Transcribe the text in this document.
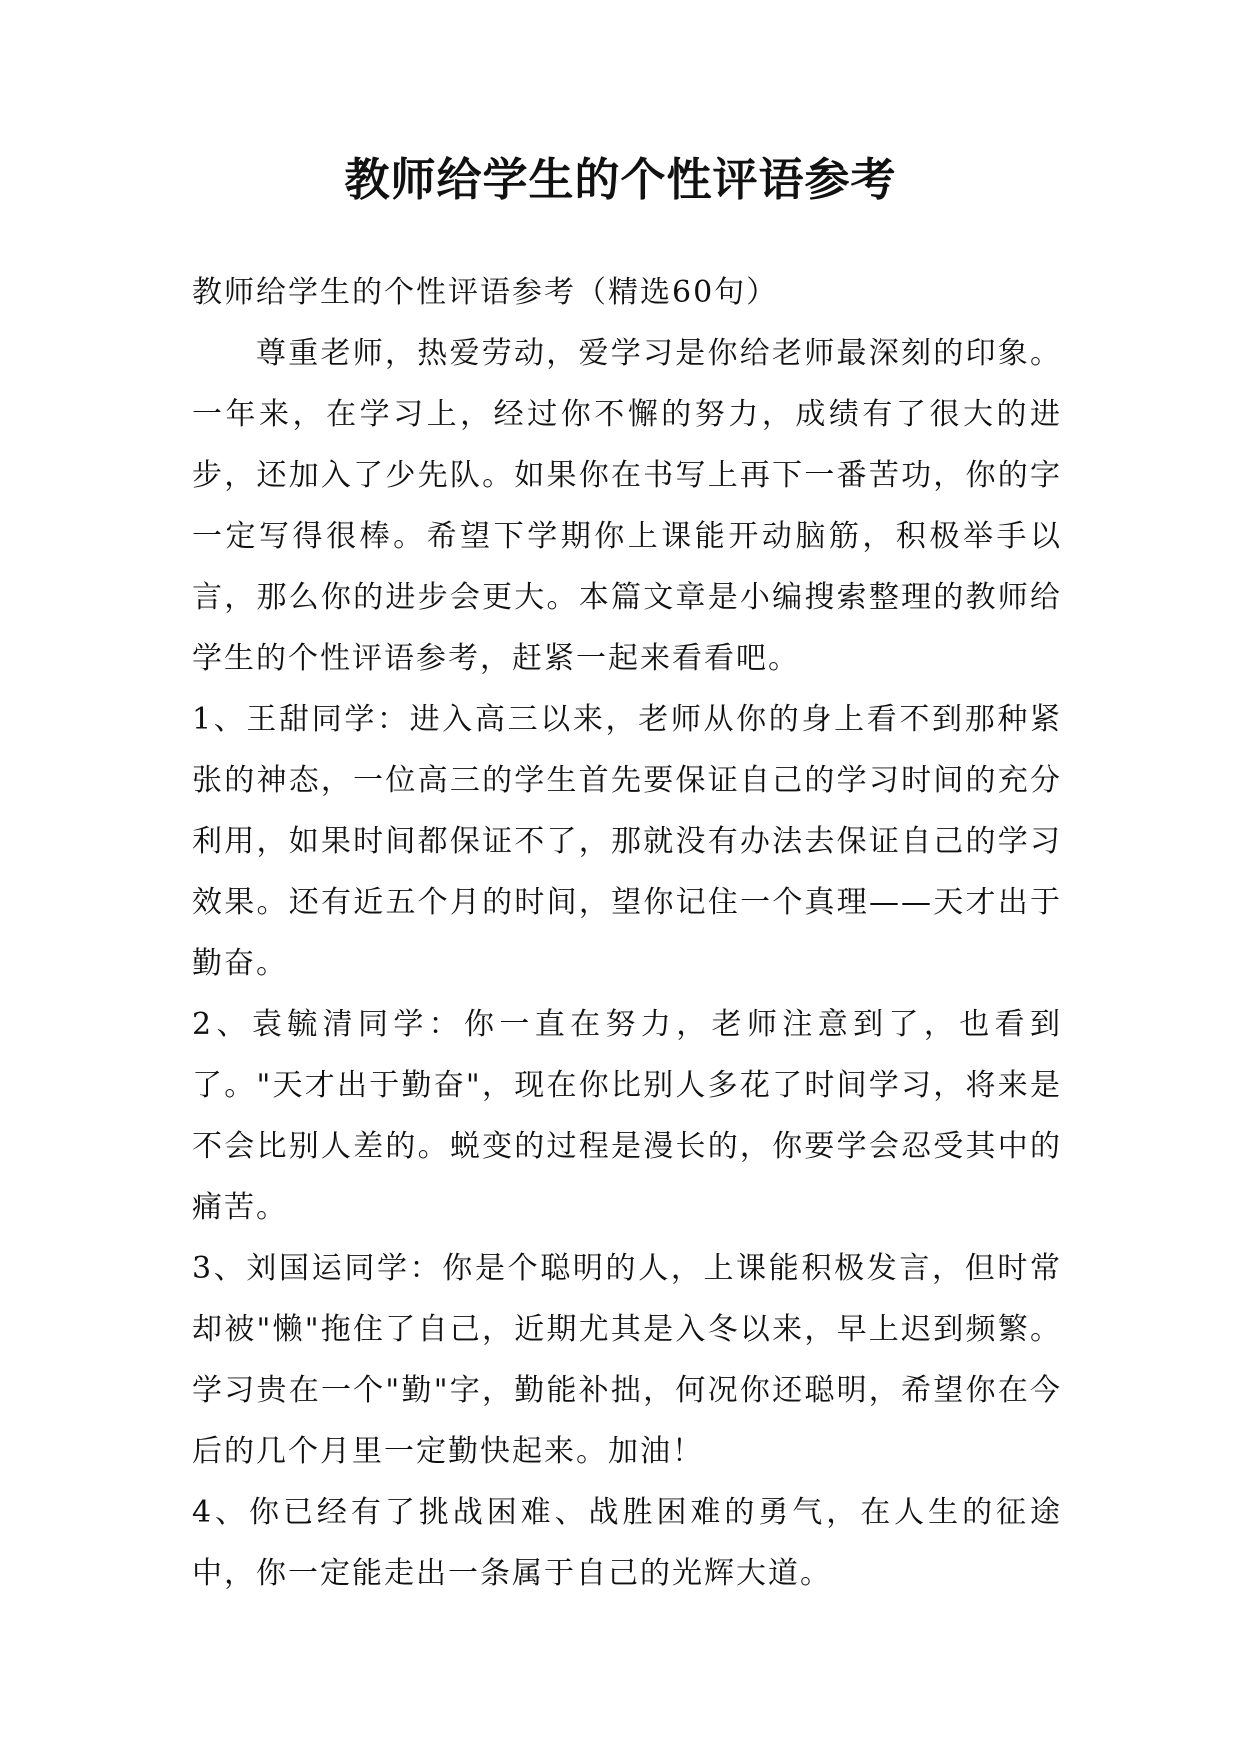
教师给学生的个性评语参考

教师给学生的个性评语参考（精选60句）

尊重老师，热爱劳动，爱学习是你给老师最深刻的印象。一年来，在学习上，经过你不懈的努力，成绩有了很大的进步，还加入了少先队。如果你在书写上再下一番苦功，你的字一定写得很棒。希望下学期你上课能开动脑筋，积极举手以言，那么你的进步会更大。本篇文章是小编搜索整理的教师给学生的个性评语参考，赶紧一起来看看吧。

1、王甜同学：进入高三以来，老师从你的身上看不到那种紧张的神态，一位高三的学生首先要保证自己的学习时间的充分利用，如果时间都保证不了，那就没有办法去保证自己的学习效果。还有近五个月的时间，望你记住一个真理——天才出于勤奋。

2、袁毓清同学：你一直在努力，老师注意到了，也看到了。"天才出于勤奋"，现在你比别人多花了时间学习，将来是不会比别人差的。蜕变的过程是漫长的，你要学会忍受其中的痛苦。

3、刘国运同学：你是个聪明的人，上课能积极发言，但时常却被"懒"拖住了自己，近期尤其是入冬以来，早上迟到频繁。学习贵在一个"勤"字，勤能补拙，何况你还聪明，希望你在今后的几个月里一定勤快起来。加油！

4、你已经有了挑战困难、战胜困难的勇气，在人生的征途中，你一定能走出一条属于自己的光辉大道。
